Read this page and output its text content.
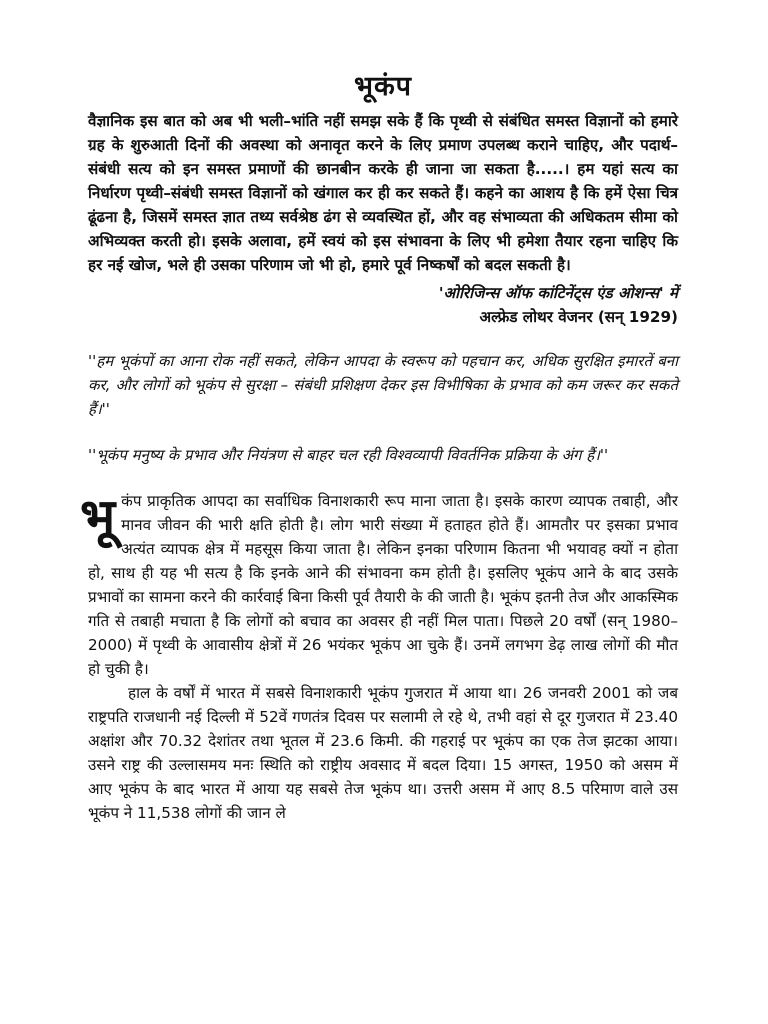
भूकंप

वैज्ञानिक इस बात को अब भी भली–भांति नहीं समझ सके हैं कि पृथ्वी से संबंधित समस्त विज्ञानों को हमारे ग्रह के शुरुआती दिनों की अवस्था को अनावृत करने के लिए प्रमाण उपलब्ध कराने चाहिए, और पदार्थ–संबंधी सत्य को इन समस्त प्रमाणों की छानबीन करके ही जाना जा सकता है.....। हम यहां सत्य का निर्धारण पृथ्वी–संबंधी समस्त विज्ञानों को खंगाल कर ही कर सकते हैं। कहने का आशय है कि हमें ऐसा चित्र ढूंढना है, जिसमें समस्त ज्ञात तथ्य सर्वश्रेष्ठ ढंग से व्यवस्थित हों, और वह संभाव्यता की अधिकतम सीमा को अभिव्यक्त करती हो। इसके अलावा, हमें स्वयं को इस संभावना के लिए भी हमेशा तैयार रहना चाहिए कि हर नई खोज, भले ही उसका परिणाम जो भी हो, हमारे पूर्व निष्कर्षों को बदल सकती है।

'ओरिजिन्स ऑफ कांटिनेंट्स एंड ओशन्स' में
अल्फ्रेड लोथर वेजनर (सन् 1929)

''हम भूकंपों का आना रोक नहीं सकते, लेकिन आपदा के स्वरूप को पहचान कर, अधिक सुरक्षित इमारतें बना कर, और लोगों को भूकंप से सुरक्षा – संबंधी प्रशिक्षण देकर इस विभीषिका के प्रभाव को कम जरूर कर सकते हैं।''

''भूकंप मनुष्य के प्रभाव और नियंत्रण से बाहर चल रही विश्वव्यापी विवर्तनिक प्रक्रिया के अंग हैं।''

भूकंप प्राकृतिक आपदा का सर्वाधिक विनाशकारी रूप माना जाता है। इसके कारण व्यापक तबाही, और मानव जीवन की भारी क्षति होती है। लोग भारी संख्या में हताहत होते हैं। आमतौर पर इसका प्रभाव अत्यंत व्यापक क्षेत्र में महसूस किया जाता है। लेकिन इनका परिणाम कितना भी भयावह क्यों न होता हो, साथ ही यह भी सत्य है कि इनके आने की संभावना कम होती है। इसलिए भूकंप आने के बाद उसके प्रभावों का सामना करने की कार्रवाई बिना किसी पूर्व तैयारी के की जाती है। भूकंप इतनी तेज और आकस्मिक गति से तबाही मचाता है कि लोगों को बचाव का अवसर ही नहीं मिल पाता। पिछले 20 वर्षों (सन् 1980–2000) में पृथ्वी के आवासीय क्षेत्रों में 26 भयंकर भूकंप आ चुके हैं। उनमें लगभग डेढ़ लाख लोगों की मौत हो चुकी है।

हाल के वर्षों में भारत में सबसे विनाशकारी भूकंप गुजरात में आया था। 26 जनवरी 2001 को जब राष्ट्रपति राजधानी नई दिल्ली में 52वें गणतंत्र दिवस पर सलामी ले रहे थे, तभी वहां से दूर गुजरात में 23.40 अक्षांश और 70.32 देशांतर तथा भूतल में 23.6 किमी. की गहराई पर भूकंप का एक तेज झटका आया। उसने राष्ट्र की उल्लासमय मनः स्थिति को राष्ट्रीय अवसाद में बदल दिया। 15 अगस्त, 1950 को असम में आए भूकंप के बाद भारत में आया यह सबसे तेज भूकंप था। उत्तरी असम में आए 8.5 परिमाण वाले उस भूकंप ने 11,538 लोगों की जान ले
